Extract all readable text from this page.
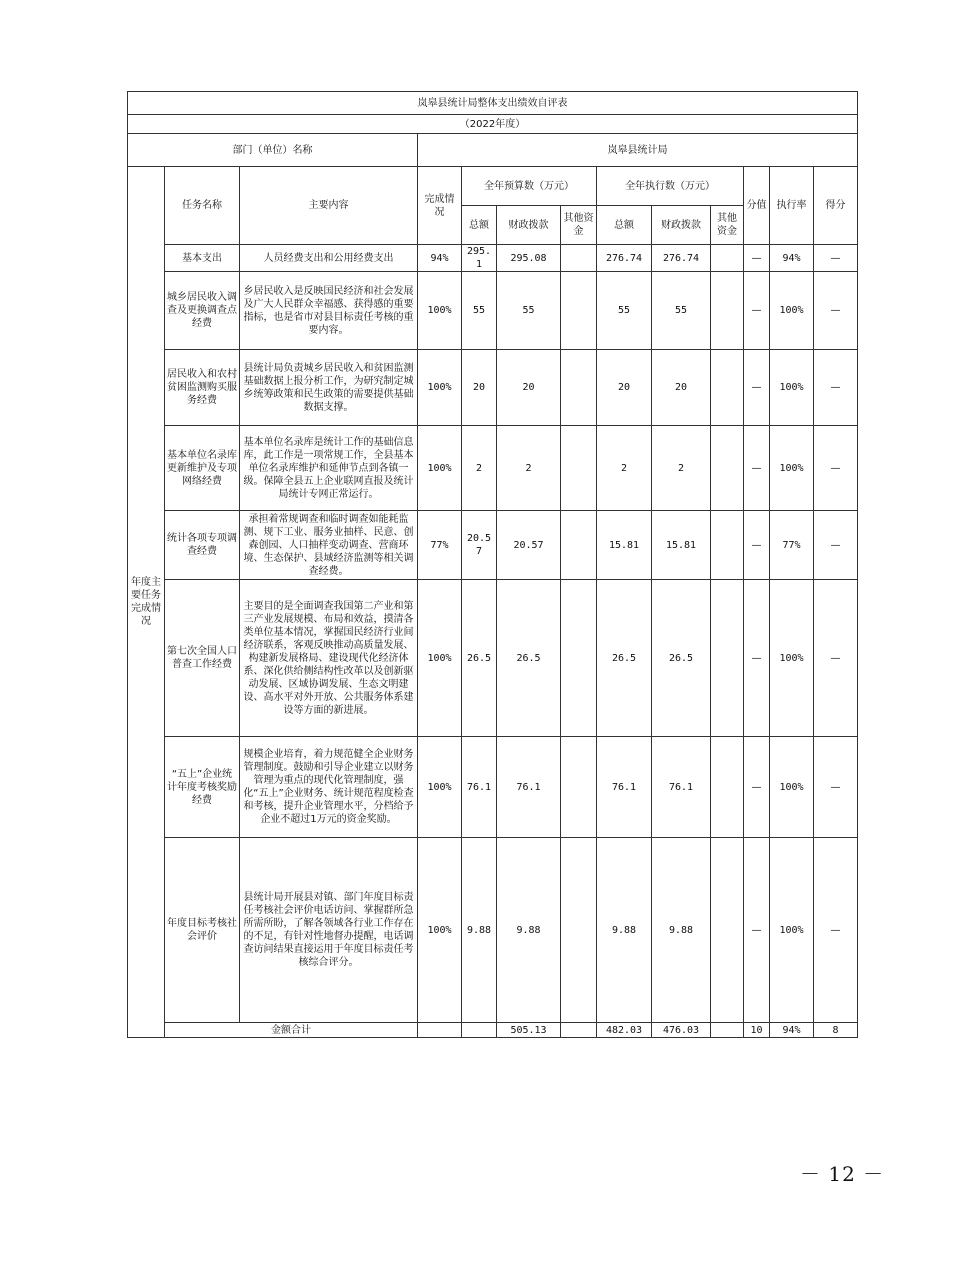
岚皋县统计局整体支出绩效自评表												
（2022年度）												
部门（单位）名称			岚皋县统计局									
年度主要任务完成情况	任务名称	主要内容	完成情况	全年预算数（万元）			全年执行数（万元）			分值	执行率	得分
				总额	财政拨款	其他资金	总额	财政拨款	其他资金			
	基本支出	人员经费支出和公用经费支出	94%	295.1	295.08		276.74	276.74		—	94%	—
	城乡居民收入调查及更换调查点经费	乡居民收入是反映国民经济和社会发展及广大人民群众幸福感、获得感的重要指标，也是省市对县目标责任考核的重要内容。	100%	55	55		55	55		—	100%	—
	居民收入和农村贫困监测购买服务经费	县统计局负责城乡居民收入和贫困监测基础数据上报分析工作，为研究制定城乡统筹政策和民生政策的需要提供基础数据支撑。	100%	20	20		20	20		—	100%	—
	基本单位名录库更新维护及专项网络经费	基本单位名录库是统计工作的基础信息库，此工作是一项常规工作，全县基本单位名录库维护和延伸节点到各镇一级。保障全县五上企业联网直报及统计局统计专网正常运行。	100%	2	2		2	2		—	100%	—
	统计各项专项调查经费	承担着常规调查和临时调查如能耗监测、规下工业、服务业抽样、民意、创森创园、人口抽样变动调查、营商环境、生态保护、县域经济监测等相关调查经费。	77%	20.57	20.57		15.81	15.81		—	77%	—
	第七次全国人口普查工作经费	主要目的是全面调查我国第二产业和第三产业发展规模、布局和效益，摸清各类单位基本情况，掌握国民经济行业间经济联系，客观反映推动高质量发展、构建新发展格局、建设现代化经济体系、深化供给侧结构性改革以及创新驱动发展、区域协调发展、生态文明建设、高水平对外开放、公共服务体系建设等方面的新进展。	100%	26.5	26.5		26.5	26.5		—	100%	—
	“五上”企业统计年度考核奖励经费	规模企业培育，着力规范健全企业财务管理制度。鼓励和引导企业建立以财务管理为重点的现代化管理制度，强化“五上”企业财务、统计规范程度检查和考核，提升企业管理水平，分档给予企业不超过1万元的资金奖励。	100%	76.1	76.1		76.1	76.1		—	100%	—
	年度目标考核社会评价	县统计局开展县对镇、部门年度目标责任考核社会评价电话访问、掌握群所急所需所盼，了解各领域各行业工作存在的不足，有针对性地督办提醒，电话调查访问结果直接运用于年度目标责任考核综合评分。	100%	9.88	9.88		9.88	9.88		—	100%	—
	金额合计				505.13		482.03	476.03		10	94%	8
－ 12 －
